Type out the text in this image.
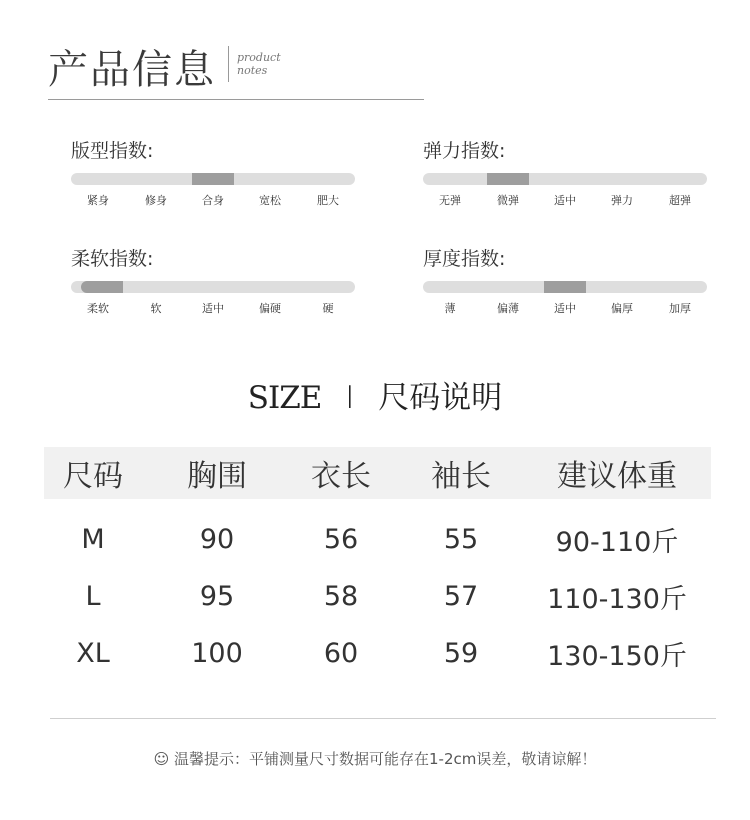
产品信息 product
notes
版型指数:
紧身	修身	合身	宽松	肥大
弹力指数:
无弹	微弹	适中	弹力	超弹
柔软指数:
柔软	软	适中	偏硬	硬
厚度指数:
薄	偏薄	适中	偏厚	加厚
SIZE I 尺码说明
尺码 胸围 衣长 袖长 建议体重
M	90	56	55	90-110斤
L	95	58	57	110-130斤
XL	100	60	59	130-150斤
☺ 温馨提示：平铺测量尺寸数据可能存在1-2cm误差，敬请谅解！
